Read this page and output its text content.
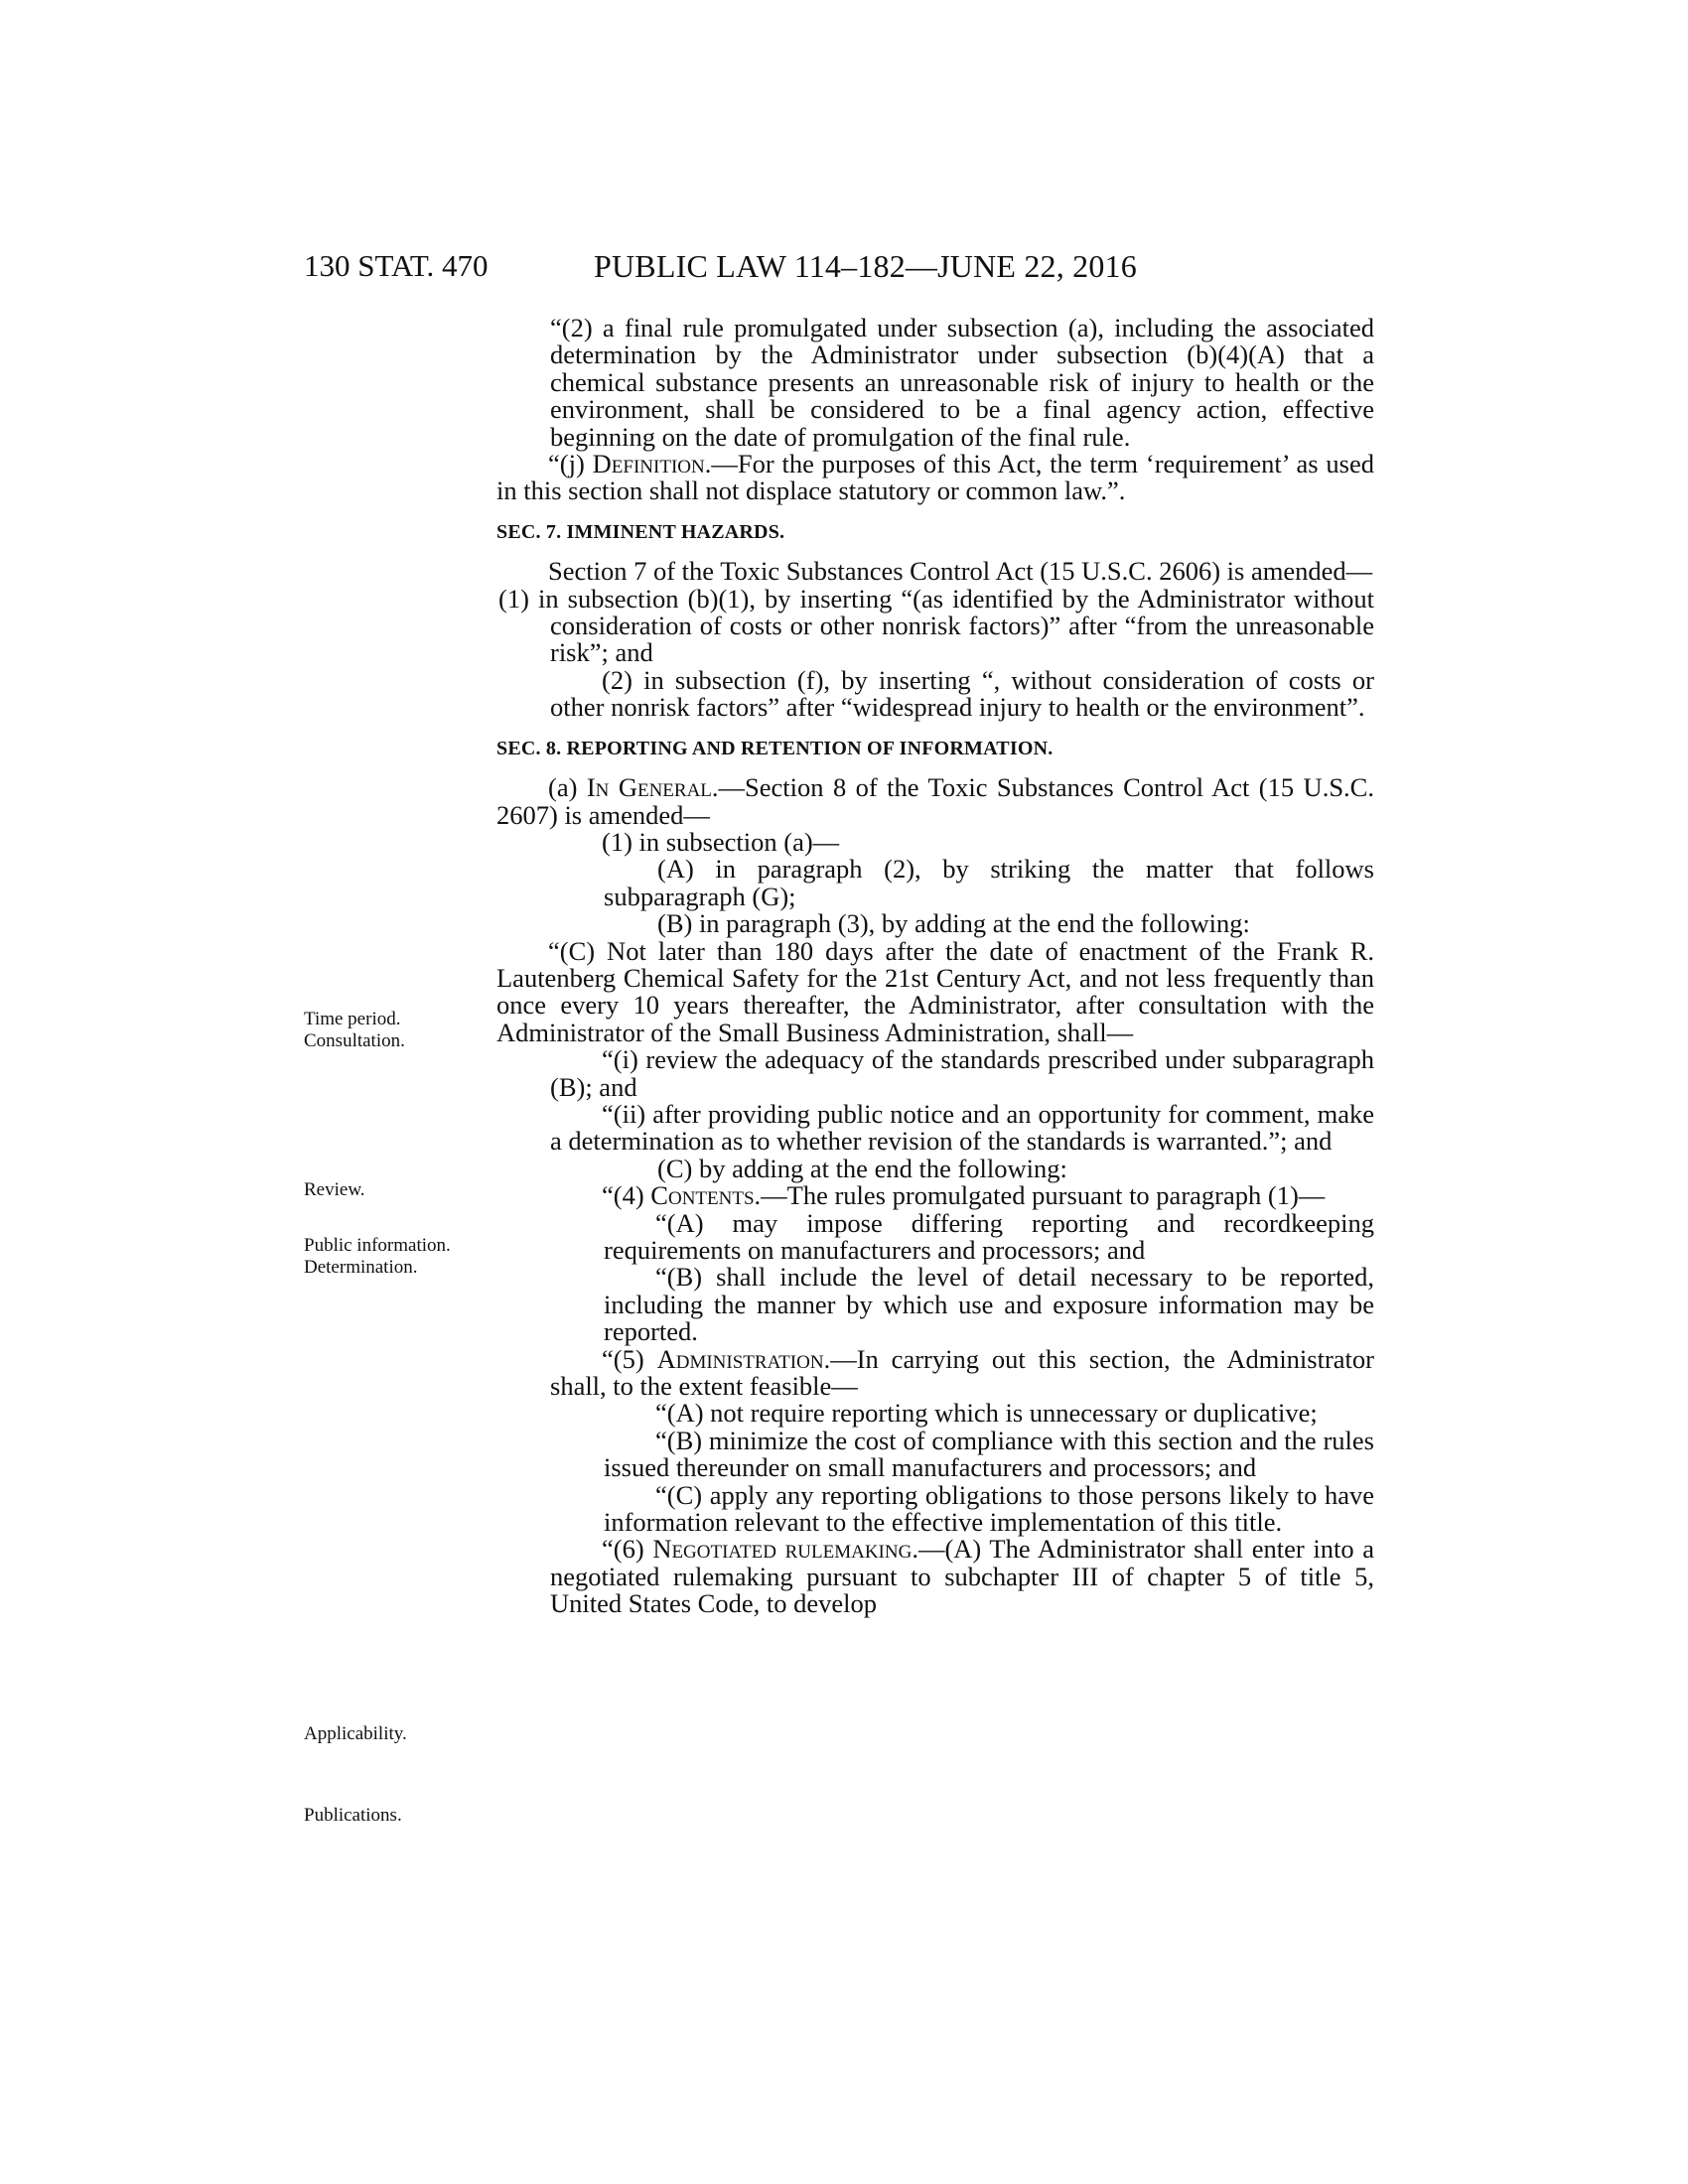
130 STAT. 470	PUBLIC LAW 114–182—JUNE 22, 2016
Time period. Consultation.
Review.
Public information. Determination.
Applicability.
Publications.

“(2) a final rule promulgated under subsection (a), including the associated determination by the Administrator under subsection (b)(4)(A) that a chemical substance presents an unreasonable risk of injury to health or the environment, shall be considered to be a final agency action, effective beginning on the date of promulgation of the final rule.

“(j) Definition.—For the purposes of this Act, the term ‘requirement’ as used in this section shall not displace statutory or common law.”.

SEC. 7. IMMINENT HAZARDS.

Section 7 of the Toxic Substances Control Act (15 U.S.C. 2606) is amended—

(1) in subsection (b)(1), by inserting “(as identified by the Administrator without consideration of costs or other nonrisk factors)” after “from the unreasonable risk”; and

(2) in subsection (f), by inserting “, without consideration of costs or other nonrisk factors” after “widespread injury to health or the environment”.

SEC. 8. REPORTING AND RETENTION OF INFORMATION.

(a) In General.—Section 8 of the Toxic Substances Control Act (15 U.S.C. 2607) is amended—

(1) in subsection (a)—

(A) in paragraph (2), by striking the matter that follows subparagraph (G);

(B) in paragraph (3), by adding at the end the following:

“(C) Not later than 180 days after the date of enactment of the Frank R. Lautenberg Chemical Safety for the 21st Century Act, and not less frequently than once every 10 years thereafter, the Administrator, after consultation with the Administrator of the Small Business Administration, shall—

“(i) review the adequacy of the standards prescribed under subparagraph (B); and

“(ii) after providing public notice and an opportunity for comment, make a determination as to whether revision of the standards is warranted.”; and

(C) by adding at the end the following:

“(4) Contents.—The rules promulgated pursuant to paragraph (1)—

“(A) may impose differing reporting and recordkeeping requirements on manufacturers and processors; and

“(B) shall include the level of detail necessary to be reported, including the manner by which use and exposure information may be reported.

“(5) Administration.—In carrying out this section, the Administrator shall, to the extent feasible—

“(A) not require reporting which is unnecessary or duplicative;

“(B) minimize the cost of compliance with this section and the rules issued thereunder on small manufacturers and processors; and

“(C) apply any reporting obligations to those persons likely to have information relevant to the effective implementation of this title.

“(6) Negotiated rulemaking.—(A) The Administrator shall enter into a negotiated rulemaking pursuant to subchapter III of chapter 5 of title 5, United States Code, to develop
